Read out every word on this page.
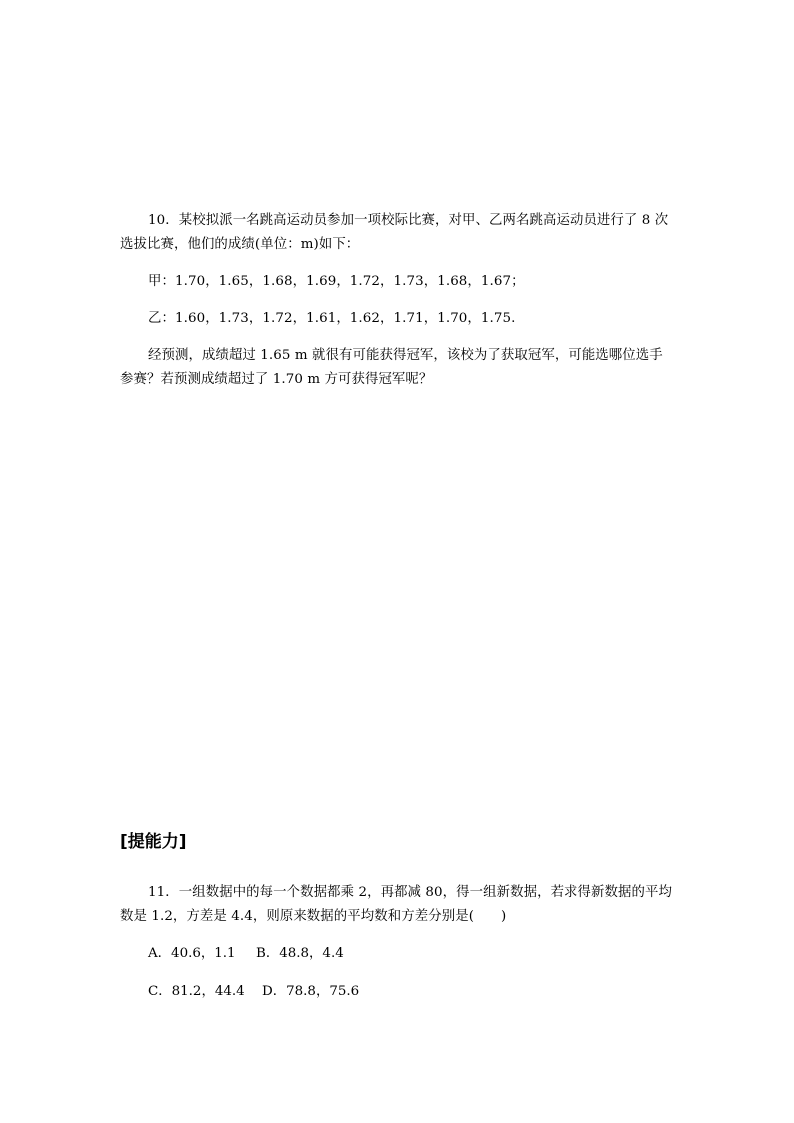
10．某校拟派一名跳高运动员参加一项校际比赛，对甲、乙两名跳高运动员进行了 8 次
选拔比赛，他们的成绩(单位：m)如下：
甲：1.70，1.65，1.68，1.69，1.72，1.73，1.68，1.67；
乙：1.60，1.73，1.72，1.61，1.62，1.71，1.70，1.75.
经预测，成绩超过 1.65 m 就很有可能获得冠军，该校为了获取冠军，可能选哪位选手
参赛？若预测成绩超过了 1.70 m 方可获得冠军呢？
[提能力]
11．一组数据中的每一个数据都乘 2，再都减 80，得一组新数据，若求得新数据的平均
数是 1.2，方差是 4.4，则原来数据的平均数和方差分别是(　　)
A．40.6，1.1 B．48.8，4.4
C．81.2，44.4 D．78.8，75.6
